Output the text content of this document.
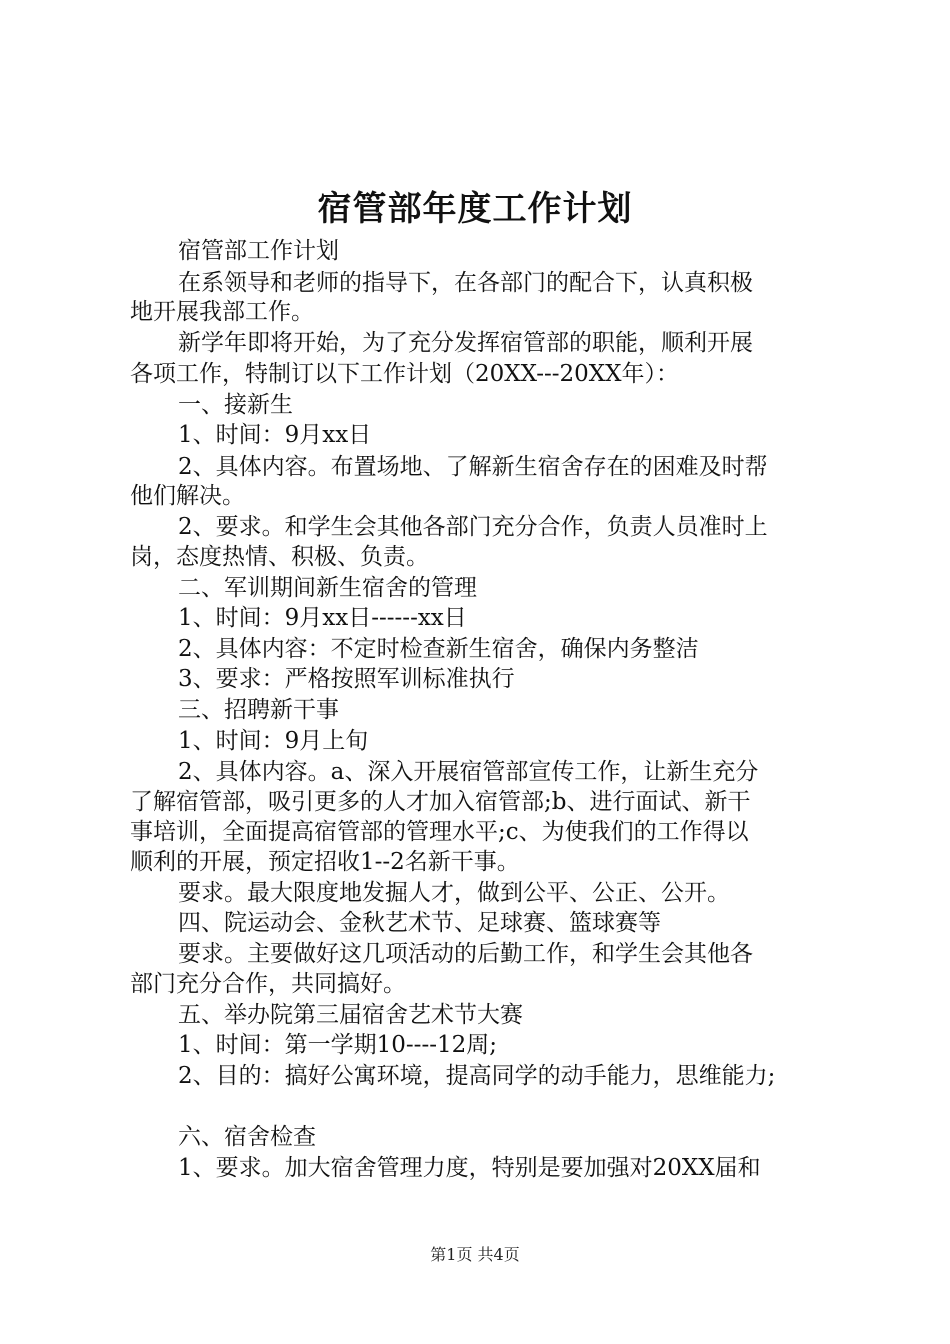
宿管部年度工作计划

宿管部工作计划

在系领导和老师的指导下，在各部门的配合下，认真积极

地开展我部工作。

新学年即将开始，为了充分发挥宿管部的职能，顺利开展

各项工作，特制订以下工作计划（20XX---20XX年）：

一、接新生

1、时间：9月xx日

2、具体内容。布置场地、了解新生宿舍存在的困难及时帮

他们解决。

2、要求。和学生会其他各部门充分合作，负责人员准时上

岗，态度热情、积极、负责。

二、军训期间新生宿舍的管理

1、时间：9月xx日------xx日

2、具体内容：不定时检查新生宿舍，确保内务整洁

3、要求：严格按照军训标准执行

三、招聘新干事

1、时间：9月上旬

2、具体内容。a、深入开展宿管部宣传工作，让新生充分

了解宿管部，吸引更多的人才加入宿管部;b、进行面试、新干

事培训，全面提高宿管部的管理水平;c、为使我们的工作得以

顺利的开展，预定招收1--2名新干事。

要求。最大限度地发掘人才，做到公平、公正、公开。

四、院运动会、金秋艺术节、足球赛、篮球赛等

要求。主要做好这几项活动的后勤工作，和学生会其他各

部门充分合作，共同搞好。

五、举办院第三届宿舍艺术节大赛

1、时间：第一学期10----12周;

2、目的：搞好公寓环境，提高同学的动手能力，思维能力;

六、宿舍检查

1、要求。加大宿舍管理力度，特别是要加强对20XX届和

第1页 共4页
